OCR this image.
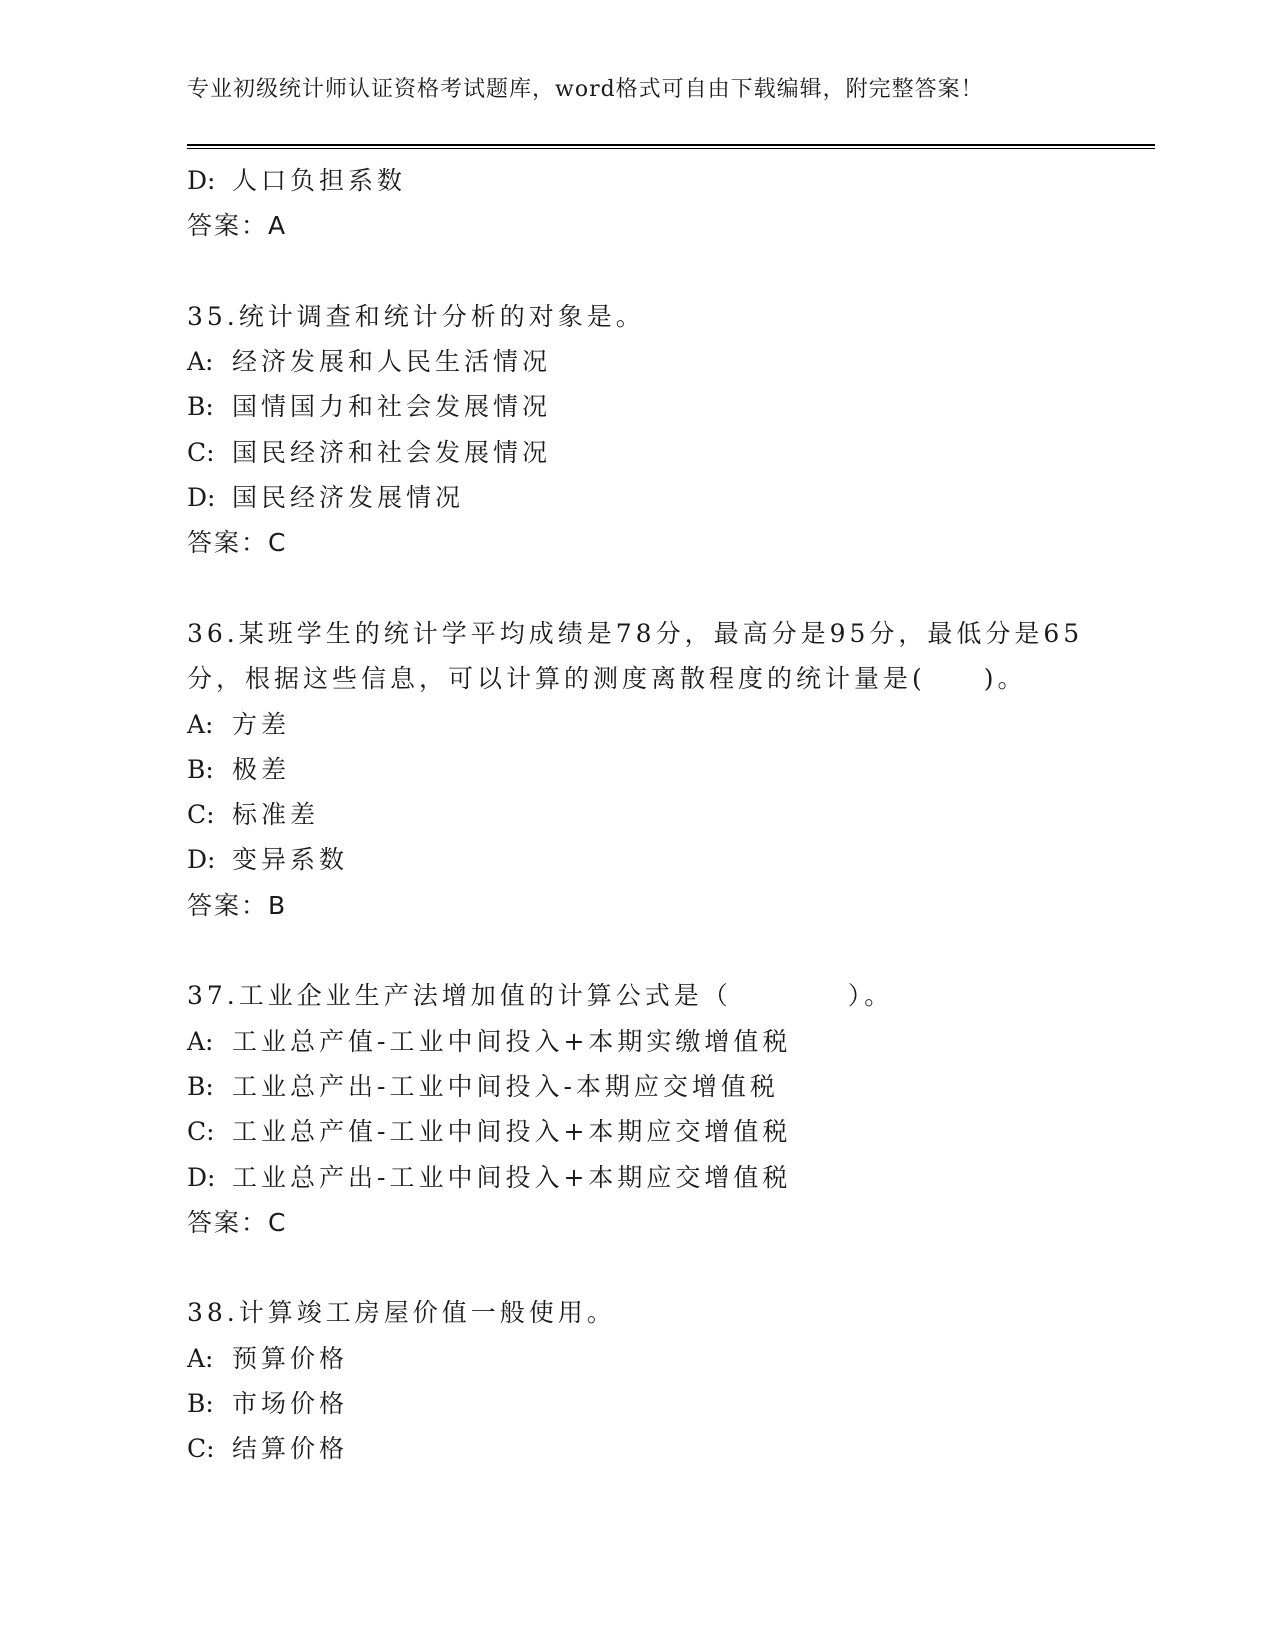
专业初级统计师认证资格考试题库，word格式可自由下载编辑，附完整答案！
D: 人口负担系数
答案：A
35.统计调查和统计分析的对象是。
A: 经济发展和人民生活情况
B: 国情国力和社会发展情况
C: 国民经济和社会发展情况
D: 国民经济发展情况
答案：C
36.某班学生的统计学平均成绩是78分，最高分是95分，最低分是65分，根据这些信息，可以计算的测度离散程度的统计量是(　　)。
A: 方差
B: 极差
C: 标准差
D: 变异系数
答案：B
37.工业企业生产法增加值的计算公式是（　　　　）。
A: 工业总产值-工业中间投入+本期实缴增值税
B: 工业总产出-工业中间投入-本期应交增值税
C: 工业总产值-工业中间投入+本期应交增值税
D: 工业总产出-工业中间投入+本期应交增值税
答案：C
38.计算竣工房屋价值一般使用。
A: 预算价格
B: 市场价格
C: 结算价格
